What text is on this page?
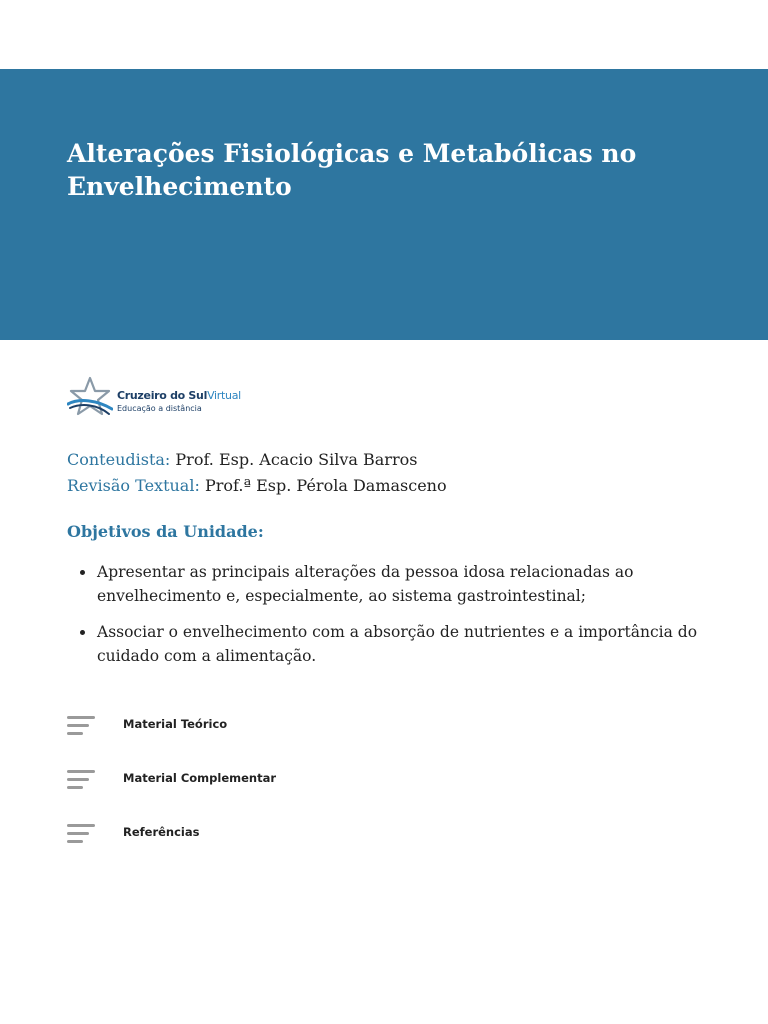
Alterações Fisiológicas e Metabólicas no Envelhecimento
Cruzeiro do SulVirtual
Educação a distância
Conteudista: Prof. Esp. Acacio Silva Barros
Revisão Textual: Prof.ª Esp. Pérola Damasceno
Objetivos da Unidade:
Apresentar as principais alterações da pessoa idosa relacionadas ao envelhecimento e, especialmente, ao sistema gastrointestinal;
Associar o envelhecimento com a absorção de nutrientes e a importância do cuidado com a alimentação.
Material Teórico
Material Complementar
Referências
